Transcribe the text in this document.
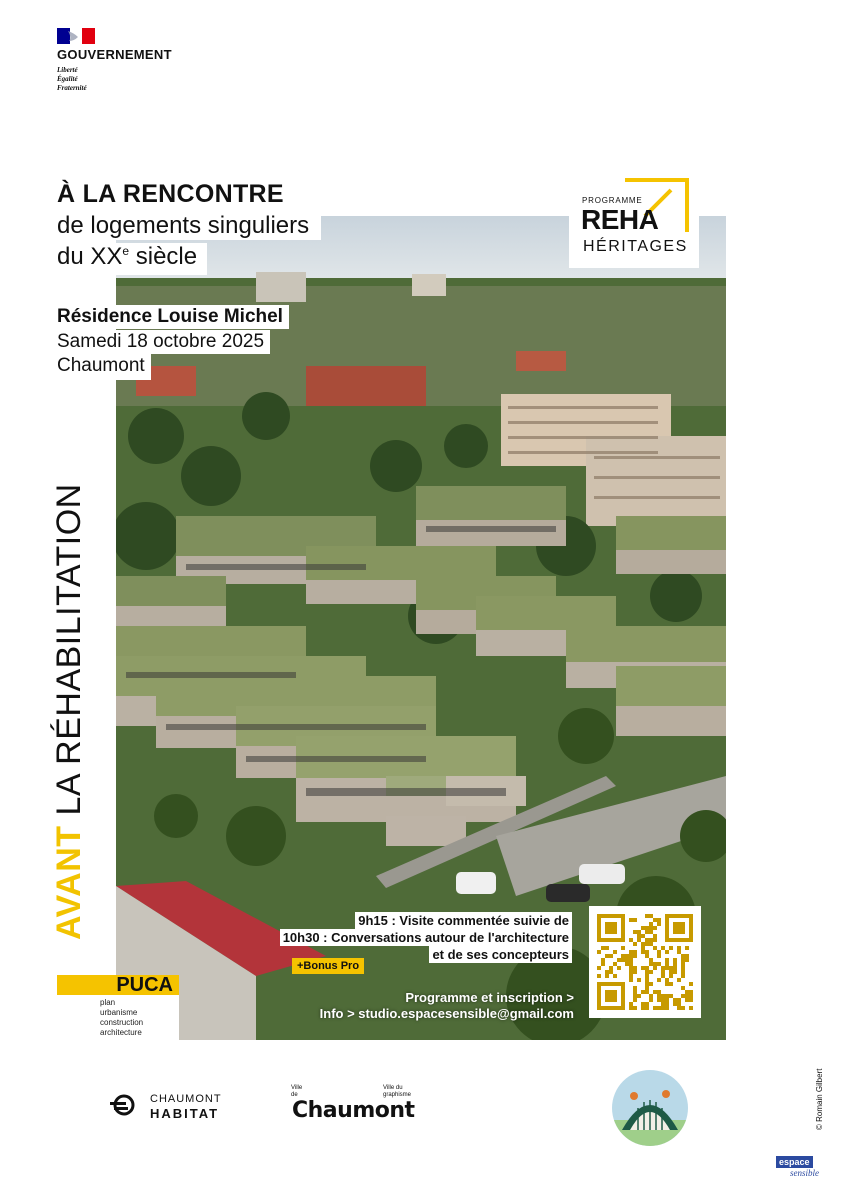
GOUVERNEMENT
Liberté
Égalité
Fraternité
À LA RENCONTRE
de logements singuliers
du XXe siècle
Résidence Louise Michel
Samedi 18 octobre 2025
Chaumont
PROGRAMME
REHA
HÉRITAGES
AVANT LA RÉHABILITATION
PUCA
plan
urbanisme
construction
architecture
9h15 : Visite commentée suivie de
10h30 : Conversations autour de l'architecture
et de ses concepteurs
+Bonus Pro
Programme et inscription >
Info > studio.espacesensible@gmail.com
© Romain Gilbert
CHAUMONT
HABITAT
Ville de
Ville du graphisme
Chaumont
espace
sensible
